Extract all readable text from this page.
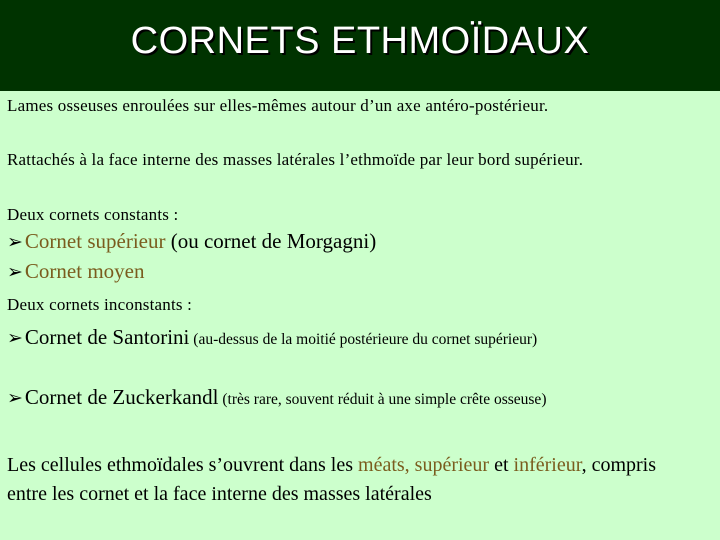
CORNETS ETHMOÏDAUX
Lames osseuses enroulées sur elles-mêmes autour d’un axe antéro-postérieur.
Rattachés à la face interne des masses latérales l’ethmoïde par leur bord supérieur.
Deux cornets constants :
➢Cornet supérieur (ou cornet de Morgagni)
➢Cornet moyen
Deux cornets inconstants :
➢Cornet de Santorini (au-dessus de la moitié postérieure du cornet supérieur)
➢Cornet de Zuckerkandl (très rare, souvent réduit à une simple crête osseuse)
Les cellules ethmoïdales s’ouvrent dans les méats, supérieur et inférieur, compris entre les cornet et la face interne des masses latérales
